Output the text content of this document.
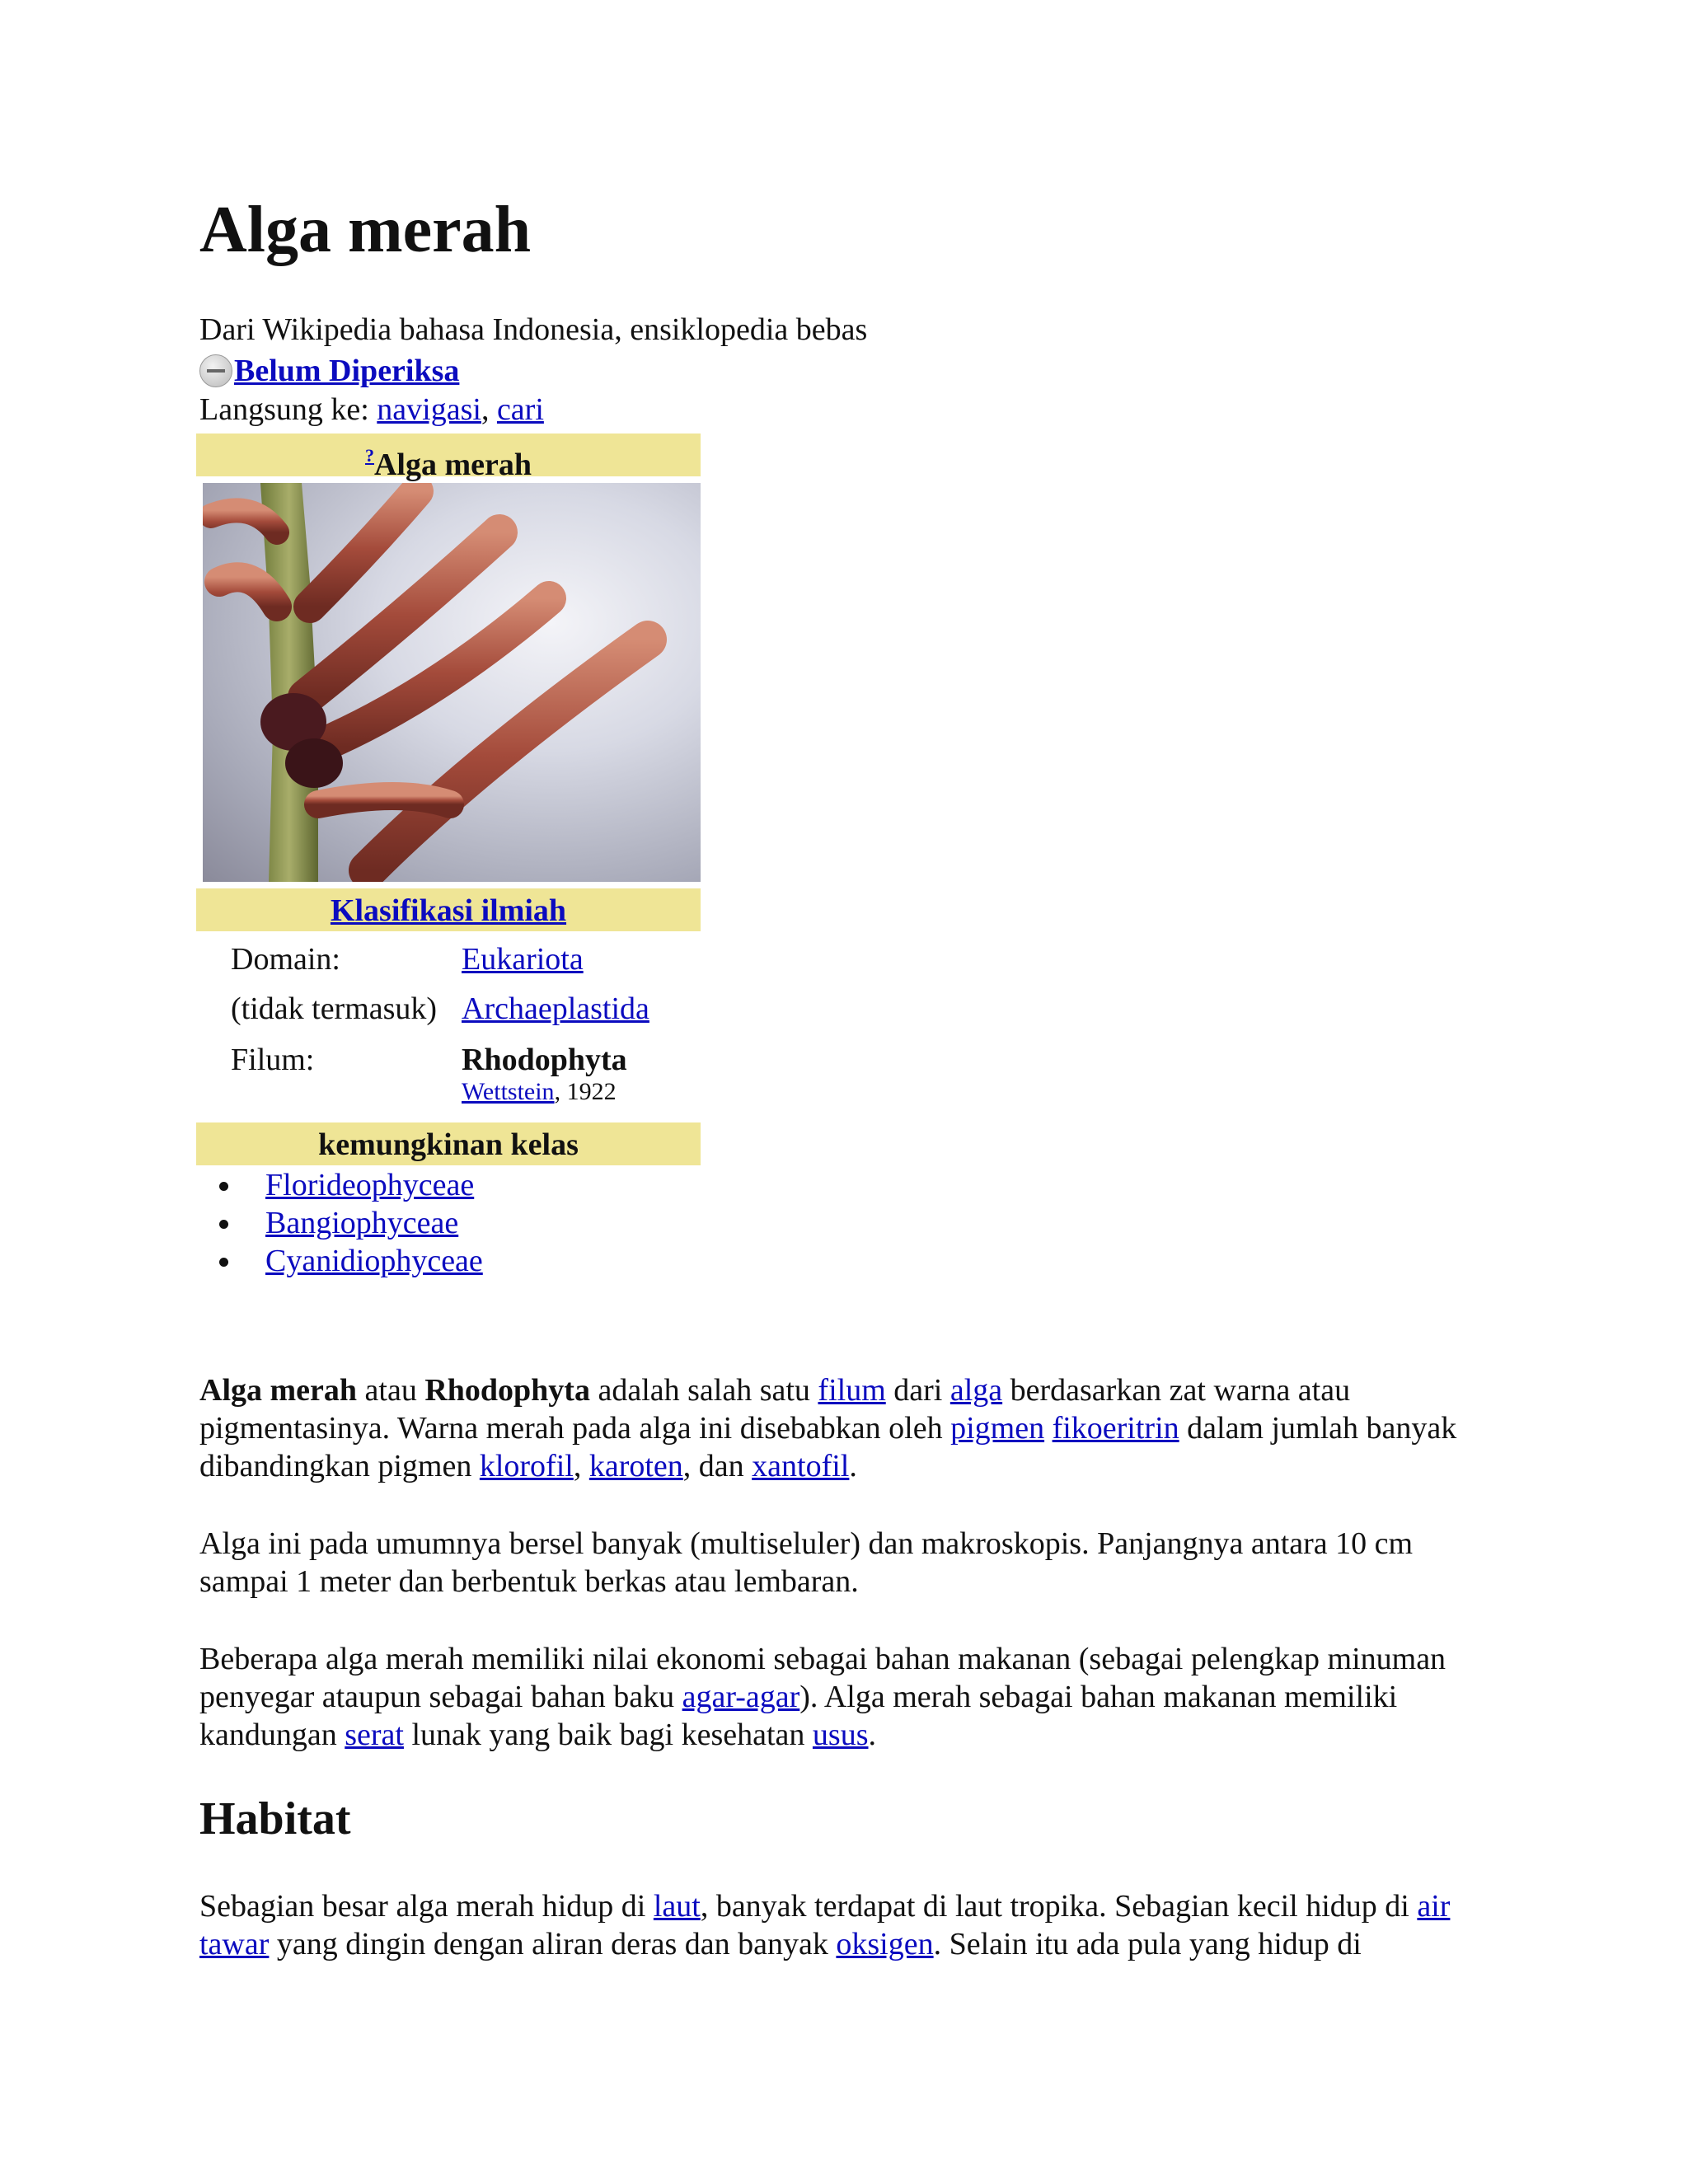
Alga merah
Dari Wikipedia bahasa Indonesia, ensiklopedia bebas
Belum Diperiksa
Langsung ke: navigasi, cari
?Alga merah
Klasifikasi ilmiah
Domain:	Eukariota
(tidak termasuk) Archaeplastida
Filum:	Rhodophyta
Wettstein, 1922
kemungkinan kelas
Florideophyceae
Bangiophyceae
Cyanidiophyceae

Alga merah atau Rhodophyta adalah salah satu filum dari alga berdasarkan zat warna atau pigmentasinya. Warna merah pada alga ini disebabkan oleh pigmen fikoeritrin dalam jumlah banyak dibandingkan pigmen klorofil, karoten, dan xantofil.

Alga ini pada umumnya bersel banyak (multiseluler) dan makroskopis. Panjangnya antara 10 cm sampai 1 meter dan berbentuk berkas atau lembaran.

Beberapa alga merah memiliki nilai ekonomi sebagai bahan makanan (sebagai pelengkap minuman penyegar ataupun sebagai bahan baku agar-agar). Alga merah sebagai bahan makanan memiliki kandungan serat lunak yang baik bagi kesehatan usus.

Habitat

Sebagian besar alga merah hidup di laut, banyak terdapat di laut tropika. Sebagian kecil hidup di air tawar yang dingin dengan aliran deras dan banyak oksigen. Selain itu ada pula yang hidup di
